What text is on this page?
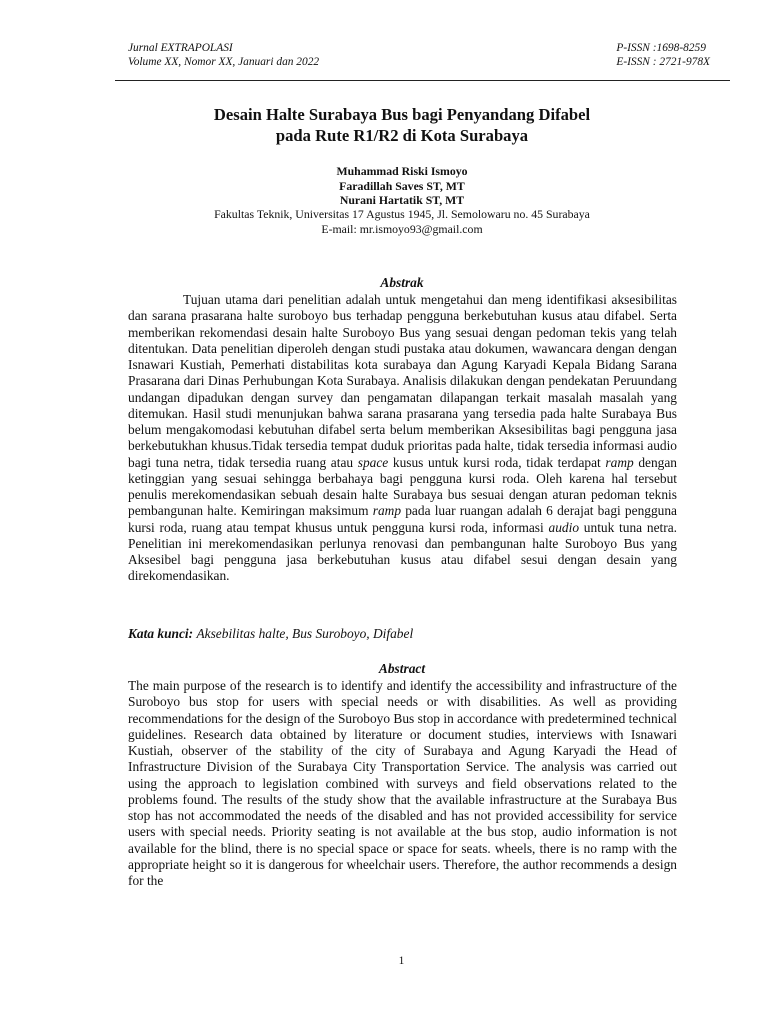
Jurnal EXTRAPOLASI
Volume XX, Nomor XX, Januari dan 2022
P-ISSN :1698-8259
E-ISSN : 2721-978X
Desain Halte Surabaya Bus bagi Penyandang Difabel
pada Rute R1/R2 di Kota Surabaya
Muhammad Riski Ismoyo
Faradillah Saves ST, MT
Nurani Hartatik ST, MT
Fakultas Teknik, Universitas 17 Agustus 1945, Jl. Semolowaru no. 45 Surabaya
E-mail: mr.ismoyo93@gmail.com
Abstrak
Tujuan utama dari penelitian adalah untuk mengetahui dan meng identifikasi aksesibilitas dan sarana prasarana halte suroboyo bus terhadap pengguna berkebutuhan kusus atau difabel. Serta memberikan rekomendasi desain halte Suroboyo Bus yang sesuai dengan pedoman tekis yang telah ditentukan. Data penelitian diperoleh dengan studi pustaka atau dokumen, wawancara dengan dengan Isnawari Kustiah, Pemerhati distabilitas kota surabaya dan Agung Karyadi Kepala Bidang Sarana Prasarana dari Dinas Perhubungan Kota Surabaya. Analisis dilakukan dengan pendekatan Peruundang undangan dipadukan dengan survey dan pengamatan dilapangan terkait masalah masalah yang ditemukan. Hasil studi menunjukan bahwa sarana prasarana yang tersedia pada halte Surabaya Bus belum mengakomodasi kebutuhan difabel serta belum memberikan Aksesibilitas bagi pengguna jasa berkebutukhan khusus.Tidak tersedia tempat duduk prioritas pada halte, tidak tersedia informasi audio bagi tuna netra, tidak tersedia ruang atau space kusus untuk kursi roda, tidak terdapat ramp dengan ketinggian yang sesuai sehingga berbahaya bagi pengguna kursi roda. Oleh karena hal tersebut penulis merekomendasikan sebuah desain halte Surabaya bus sesuai dengan aturan pedoman teknis pembangunan halte. Kemiringan maksimum ramp pada luar ruangan adalah 6 derajat bagi pengguna kursi roda, ruang atau tempat khusus untuk pengguna kursi roda, informasi audio untuk tuna netra. Penelitian ini merekomendasikan perlunya renovasi dan pembangunan halte Suroboyo Bus yang Aksesibel bagi pengguna jasa berkebutuhan kusus atau difabel sesui dengan desain yang direkomendasikan.
Kata kunci: Aksebilitas halte, Bus Suroboyo, Difabel
Abstract
The main purpose of the research is to identify and identify the accessibility and infrastructure of the Suroboyo bus stop for users with special needs or with disabilities. As well as providing recommendations for the design of the Suroboyo Bus stop in accordance with predetermined technical guidelines. Research data obtained by literature or document studies, interviews with Isnawari Kustiah, observer of the stability of the city of Surabaya and Agung Karyadi the Head of Infrastructure Division of the Surabaya City Transportation Service. The analysis was carried out using the approach to legislation combined with surveys and field observations related to the problems found. The results of the study show that the available infrastructure at the Surabaya Bus stop has not accommodated the needs of the disabled and has not provided accessibility for service users with special needs. Priority seating is not available at the bus stop, audio information is not available for the blind, there is no special space or space for seats. wheels, there is no ramp with the appropriate height so it is dangerous for wheelchair users. Therefore, the author recommends a design for the
1
